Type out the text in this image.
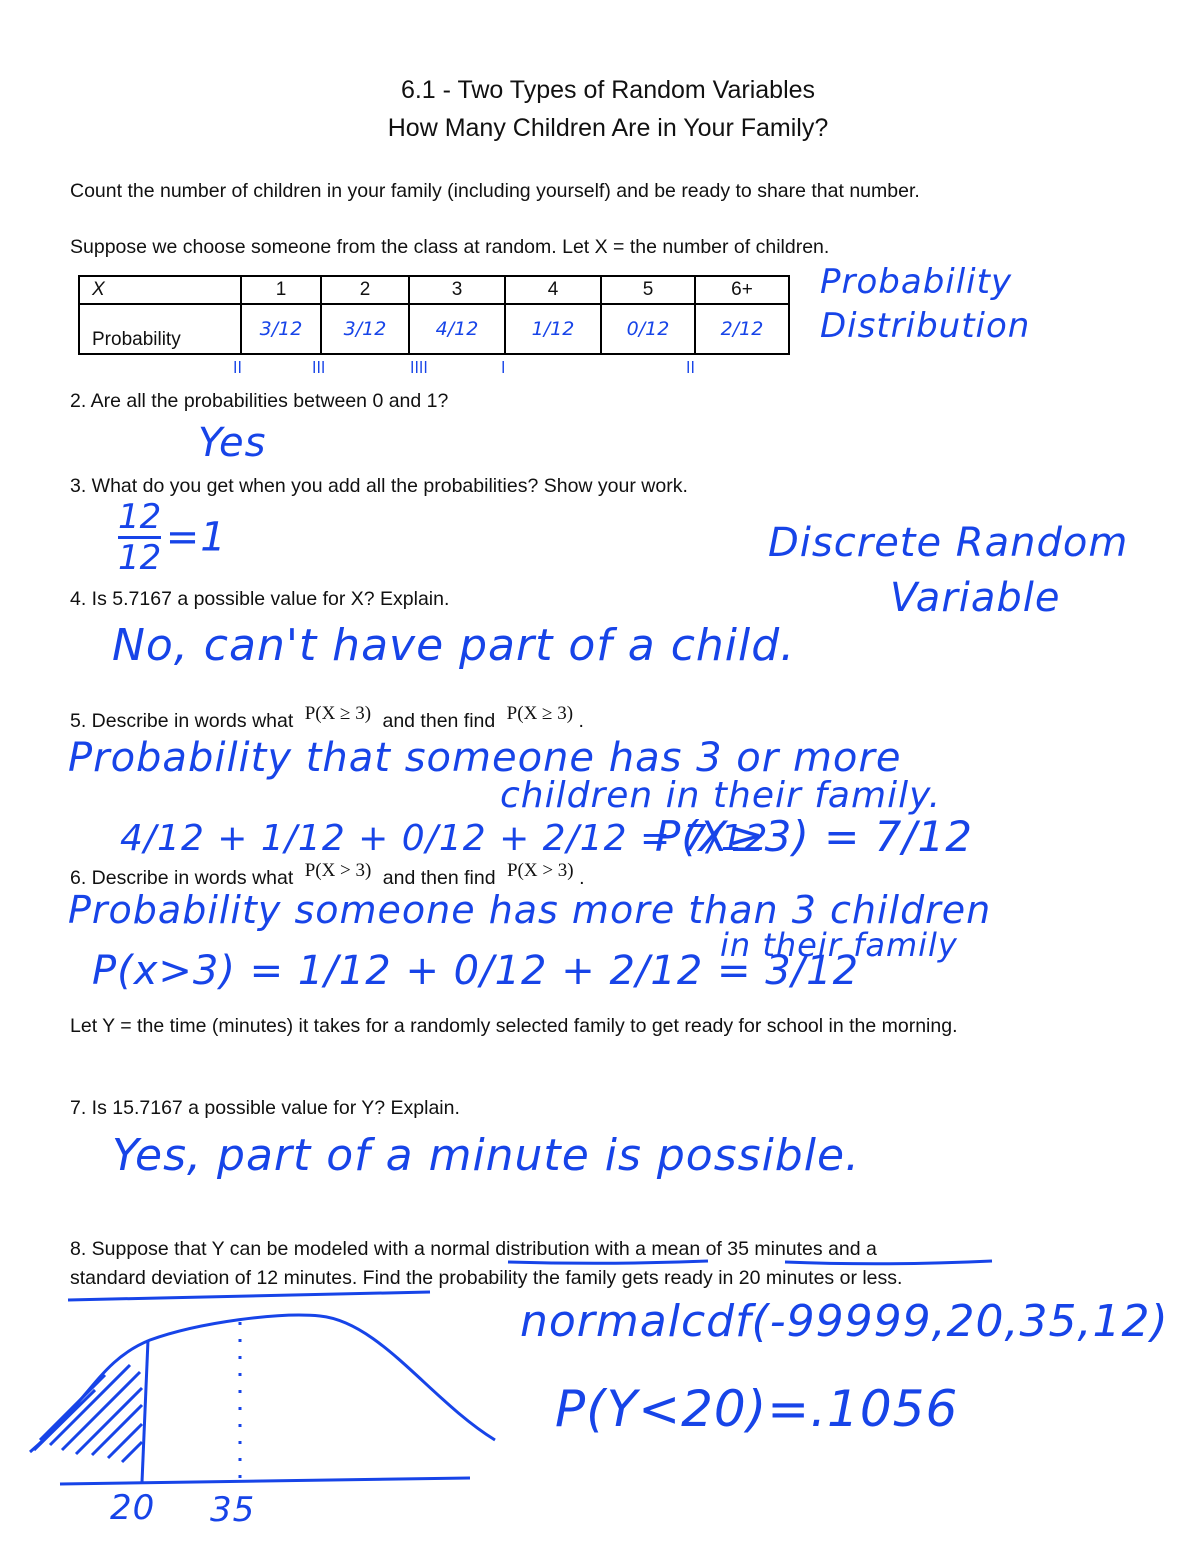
6.1 - Two Types of Random Variables
How Many Children Are in Your Family?
Count the number of children in your family (including yourself) and be ready to share that number.
Suppose we choose someone from the class at random. Let X = the number of children.
X	1	2	3	4	5	6+
Probability	3/12	3/12	4/12	1/12	0/12	2/12
ll	lll	llll	l	ll
Probability
Distribution
Discrete Random
Variable
2. Are all the probabilities between 0 and 1?
Yes
3. What do you get when you add all the probabilities? Show your work.
$\frac{12}{12} =1$
4. Is 5.7167 a possible value for X? Explain.
No, can't have part of a child.
5. Describe in words what P(X ≥ 3) and then find P(X ≥ 3) .
Probability that someone has 3 or more
children in their family.
4/12 + 1/12 + 0/12 + 2/12 = 7/12
P(X≥3) = 7/12
6. Describe in words what P(X > 3) and then find P(X > 3) .
Probability someone has more than 3 children
in their family
P(x>3) = 1/12 + 0/12 + 2/12 = 3/12
Let Y = the time (minutes) it takes for a randomly selected family to get ready for school in the morning.
7. Is 15.7167 a possible value for Y? Explain.
Yes, part of a minute is possible.
8. Suppose that Y can be modeled with a normal distribution with a mean of 35 minutes and a
standard deviation of 12 minutes. Find the probability the family gets ready in 20 minutes or less.
normalcdf(-99999,20,35,12)
P(Y<20)=.1056
20 35
